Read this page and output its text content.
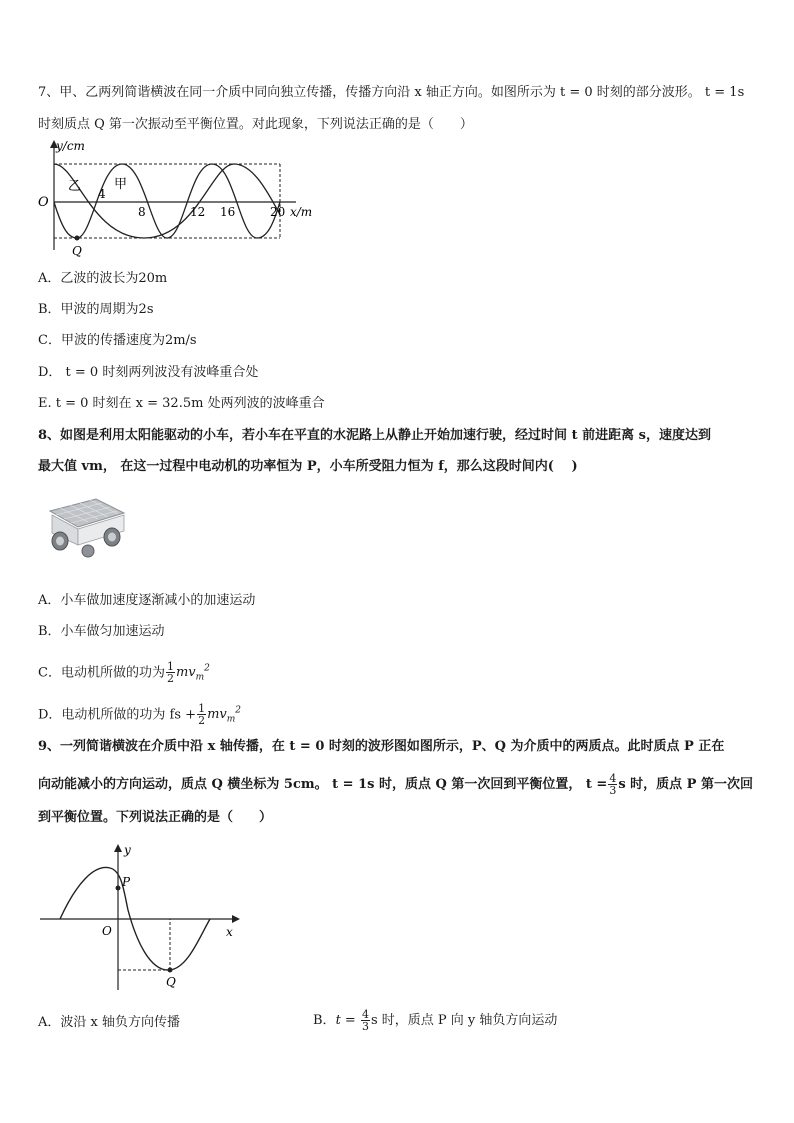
7、甲、乙两列简谐横波在同一介质中同向独立传播，传播方向沿 x 轴正方向。如图所示为 t = 0 时刻的部分波形。 t = 1s
时刻质点 Q 第一次振动至平衡位置。对此现象，下列说法正确的是（　　）
y/cm
O
4
8	12 16	20 x/m
乙	甲
Q
A．乙波的波长为20m
B．甲波的周期为2s
C．甲波的传播速度为2m/s
D． t = 0 时刻两列波没有波峰重合处
E. t = 0 时刻在 x = 32.5m 处两列波的波峰重合
8、如图是利用太阳能驱动的小车，若小车在平直的水泥路上从静止开始加速行驶，经过时间 t 前进距离 s，速度达到
最大值 vm， 在这一过程中电动机的功率恒为 P，小车所受阻力恒为 f，那么这段时间内(　 )
A．小车做加速度逐渐减小的加速运动
B．小车做匀加速运动
C．电动机所做的功为 $\frac{1}{2} mv_m^2$
D．电动机所做的功为 fs + $\frac{1}{2} mv_m^2$
9、一列简谐横波在介质中沿 x 轴传播，在 t = 0 时刻的波形图如图所示，P、Q 为介质中的两质点。此时质点 P 正在
向动能减小的方向运动，质点 Q 横坐标为 5cm。 t = 1s 时，质点 Q 第一次回到平衡位置， $t = \frac{4}{3}$ s 时，质点 P 第一次回
到平衡位置。下列说法正确的是（　　）
y
x
O
P
Q
A．波沿 x 轴负方向传播	B．$t = \frac{4}{3}$ s 时，质点 P 向 y 轴负方向运动
